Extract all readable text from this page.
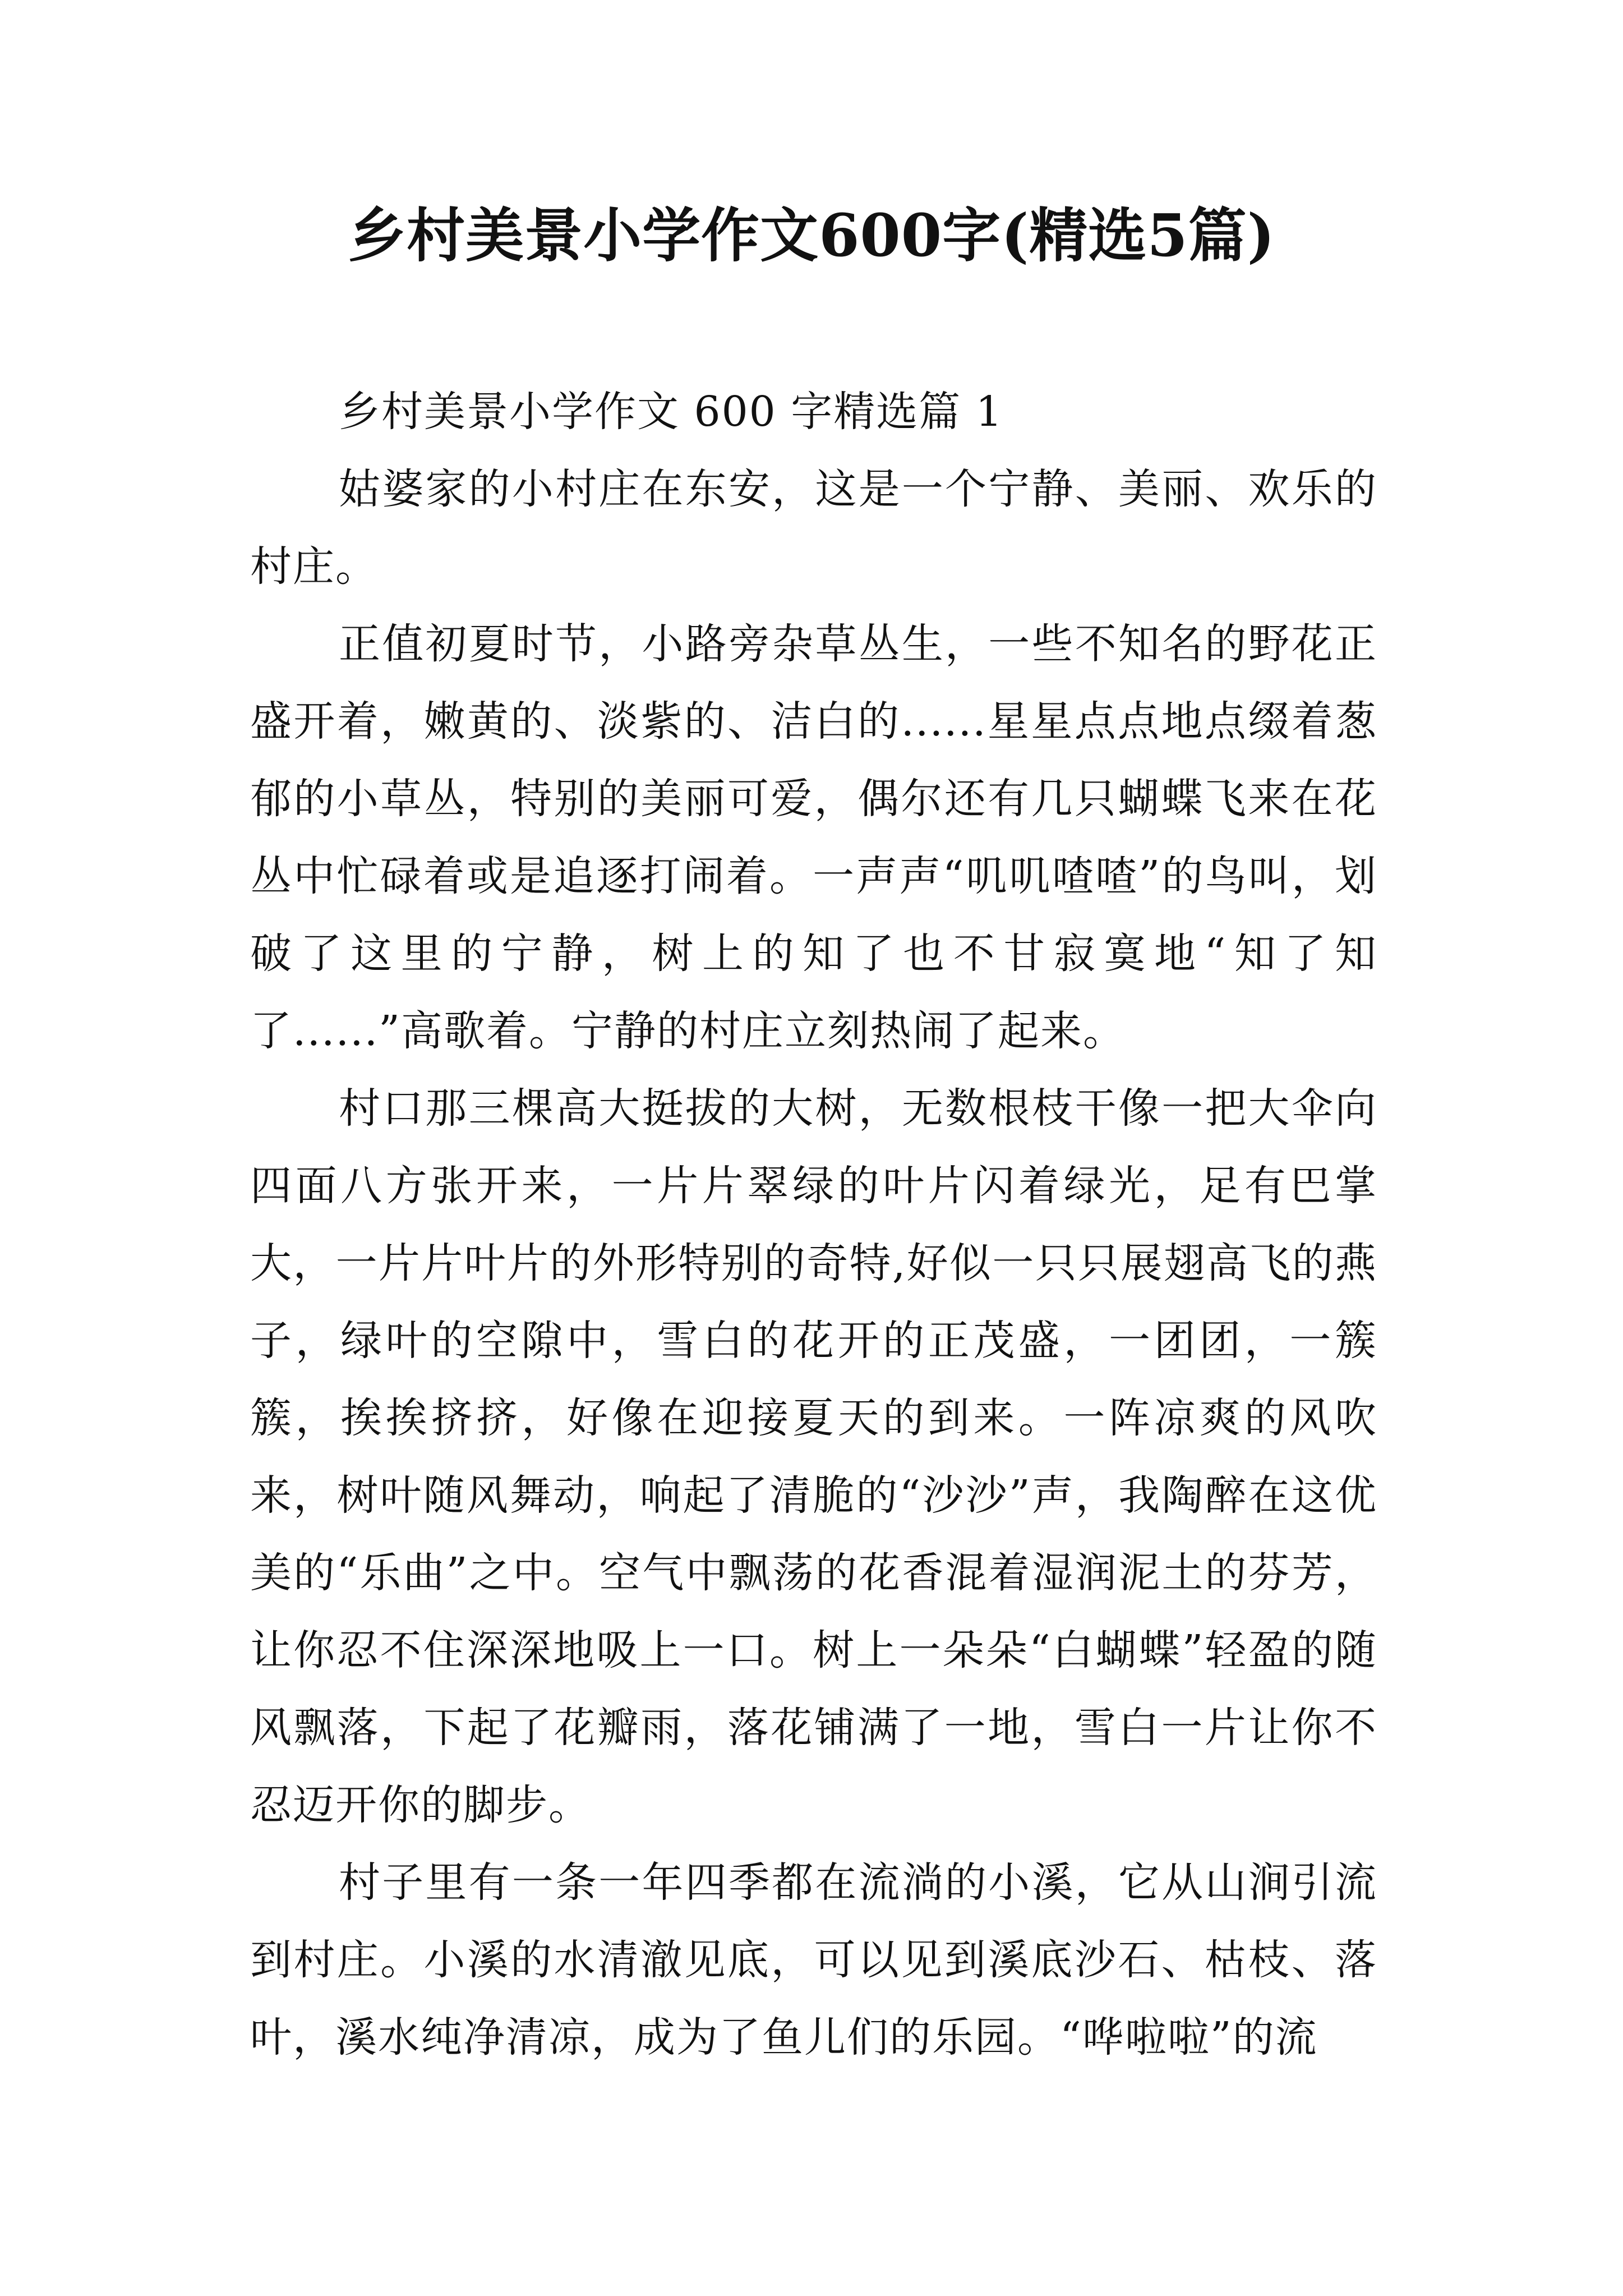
乡村美景小学作文600字(精选5篇)

乡村美景小学作文 600 字精选篇 1

姑婆家的小村庄在东安，这是一个宁静、美丽、欢乐的村庄。

正值初夏时节，小路旁杂草丛生，一些不知名的野花正盛开着，嫩黄的、淡紫的、洁白的......星星点点地点缀着葱郁的小草丛，特别的美丽可爱，偶尔还有几只蝴蝶飞来在花丛中忙碌着或是追逐打闹着。一声声“叽叽喳喳”的鸟叫，划破了这里的宁静，树上的知了也不甘寂寞地“知了知了......”高歌着。宁静的村庄立刻热闹了起来。

村口那三棵高大挺拔的大树，无数根枝干像一把大伞向四面八方张开来，一片片翠绿的叶片闪着绿光，足有巴掌大，一片片叶片的外形特别的奇特,好似一只只展翅高飞的燕子，绿叶的空隙中，雪白的花开的正茂盛，一团团，一簇簇，挨挨挤挤，好像在迎接夏天的到来。一阵凉爽的风吹来，树叶随风舞动，响起了清脆的“沙沙”声，我陶醉在这优美的“乐曲”之中。空气中飘荡的花香混着湿润泥土的芬芳，让你忍不住深深地吸上一口。树上一朵朵“白蝴蝶”轻盈的随风飘落，下起了花瓣雨，落花铺满了一地，雪白一片让你不忍迈开你的脚步。

村子里有一条一年四季都在流淌的小溪，它从山涧引流到村庄。小溪的水清澈见底，可以见到溪底沙石、枯枝、落叶，溪水纯净清凉，成为了鱼儿们的乐园。“哗啦啦”的流
